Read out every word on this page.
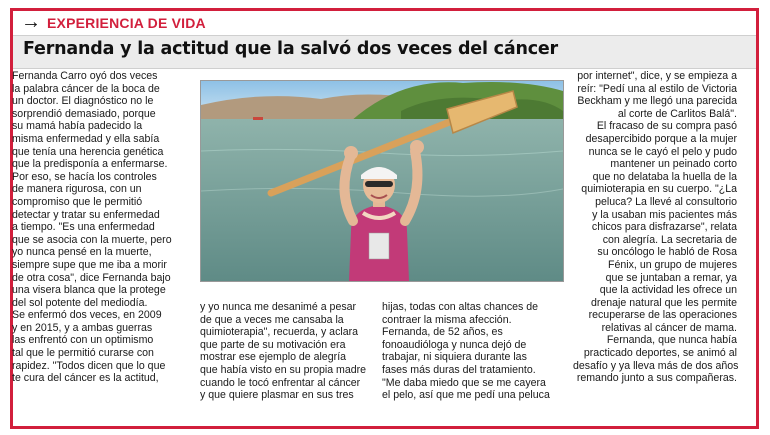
→ EXPERIENCIA DE VIDA
Fernanda y la actitud que la salvó dos veces del cáncer
Fernanda Carro oyó dos veces
la palabra cáncer de la boca de
un doctor. El diagnóstico no le
sorprendió demasiado, porque
su mamá había padecido la
misma enfermedad y ella sabía
que tenía una herencia genética
que la predisponía a enfermarse.
Por eso, se hacía los controles
de manera rigurosa, con un
compromiso que le permitió
detectar y tratar su enfermedad
a tiempo. "Es una enfermedad
que se asocia con la muerte, pero
yo nunca pensé en la muerte,
siempre supe que me iba a morir
de otra cosa", dice Fernanda bajo
una visera blanca que la protege
del sol potente del mediodía.
Se enfermó dos veces, en 2009
y en 2015, y a ambas guerras
las enfrentó con un optimismo
tal que le permitió curarse con
rapidez. "Todos dicen que lo que
te cura del cáncer es la actitud,
y yo nunca me desanimé a pesar
de que a veces me cansaba la
quimioterapia", recuerda, y aclara
que parte de su motivación era
mostrar ese ejemplo de alegría
que había visto en su propia madre
cuando le tocó enfrentar al cáncer
y que quiere plasmar en sus tres
hijas, todas con altas chances de
contraer la misma afección.
Fernanda, de 52 años, es
fonoaudióloga y nunca dejó de
trabajar, ni siquiera durante las
fases más duras del tratamiento.
"Me daba miedo que se me cayera
el pelo, así que me pedí una peluca
por internet", dice, y se empieza a
reír: "Pedí una al estilo de Victoria
Beckham y me llegó una parecida
al corte de Carlitos Balá".
El fracaso de su compra pasó
desapercibido porque a la mujer
nunca se le cayó el pelo y pudo
mantener un peinado corto
que no delataba la huella de la
quimioterapia en su cuerpo. "¿La
peluca? La llevé al consultorio
y la usaban mis pacientes más
chicos para disfrazarse", relata
con alegría. La secretaria de
su oncólogo le habló de Rosa
Fénix, un grupo de mujeres
que se juntaban a remar, ya
que la actividad les ofrece un
drenaje natural que les permite
recuperarse de las operaciones
relativas al cáncer de mama.
Fernanda, que nunca había
practicado deportes, se animó al
desafío y ya lleva más de dos años
remando junto a sus compañeras.
